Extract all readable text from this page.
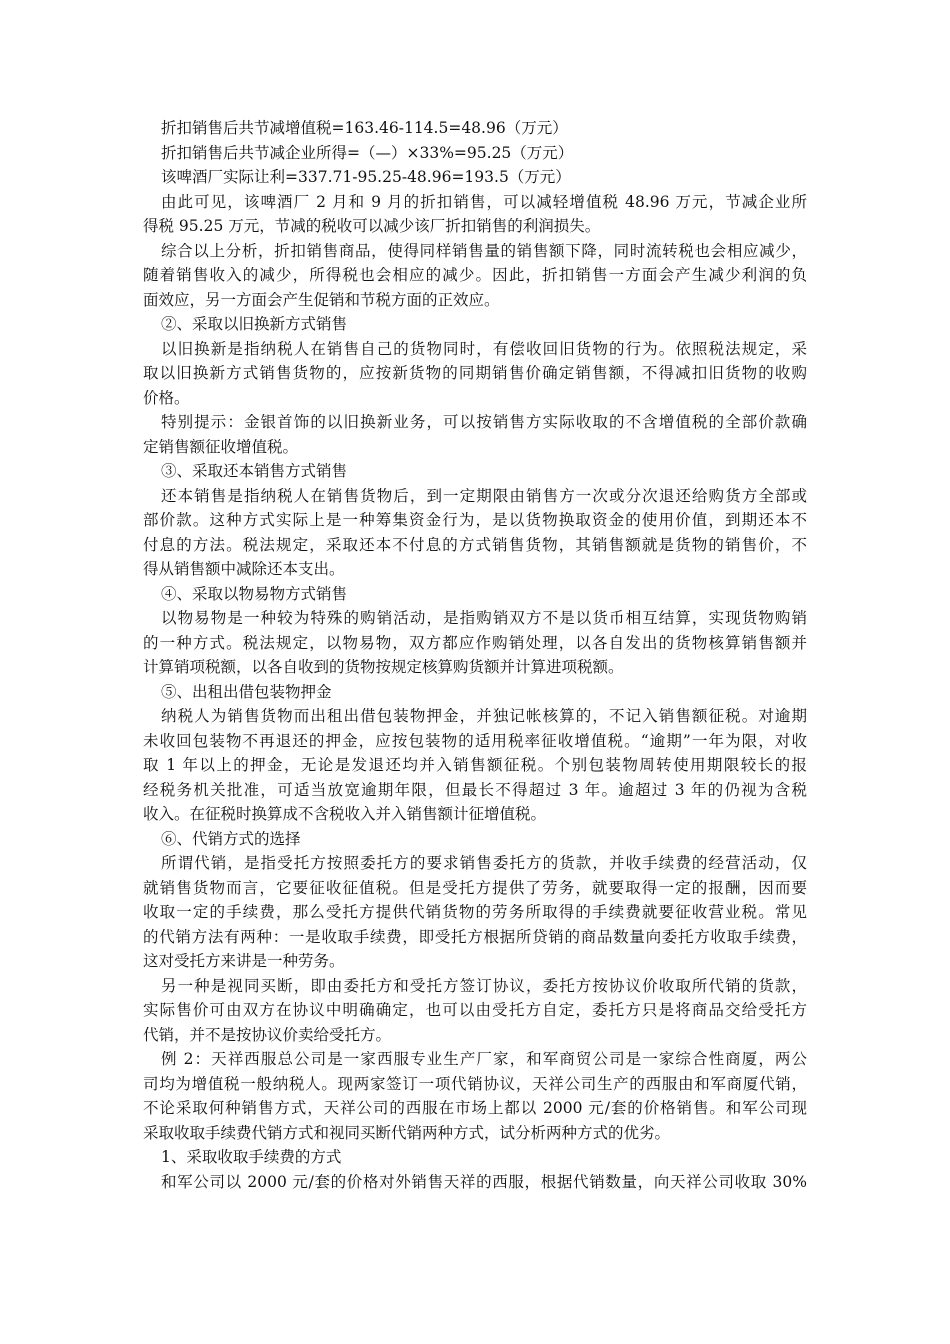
折扣销售后共节减增值税=163.46-114.5=48.96（万元）
折扣销售后共节减企业所得=（—）×33%=95.25（万元）
该啤酒厂实际让利=337.71-95.25-48.96=193.5（万元）
由此可见，该啤酒厂 2 月和 9 月的折扣销售，可以减轻增值税 48.96 万元，节减企业所
得税 95.25 万元，节减的税收可以减少该厂折扣销售的利润损失。
综合以上分析，折扣销售商品，使得同样销售量的销售额下降，同时流转税也会相应减少，
随着销售收入的减少，所得税也会相应的减少。因此，折扣销售一方面会产生减少利润的负
面效应，另一方面会产生促销和节税方面的正效应。
②、采取以旧换新方式销售
以旧换新是指纳税人在销售自己的货物同时，有偿收回旧货物的行为。依照税法规定，采
取以旧换新方式销售货物的，应按新货物的同期销售价确定销售额，不得减扣旧货物的收购
价格。
特别提示：金银首饰的以旧换新业务，可以按销售方实际收取的不含增值税的全部价款确
定销售额征收增值税。
③、采取还本销售方式销售
还本销售是指纳税人在销售货物后，到一定期限由销售方一次或分次退还给购货方全部或
部价款。这种方式实际上是一种筹集资金行为，是以货物换取资金的使用价值，到期还本不
付息的方法。税法规定，采取还本不付息的方式销售货物，其销售额就是货物的销售价，不
得从销售额中减除还本支出。
④、采取以物易物方式销售
以物易物是一种较为特殊的购销活动，是指购销双方不是以货币相互结算，实现货物购销
的一种方式。税法规定，以物易物，双方都应作购销处理，以各自发出的货物核算销售额并
计算销项税额，以各自收到的货物按规定核算购货额并计算进项税额。
⑤、出租出借包装物押金
纳税人为销售货物而出租出借包装物押金，并独记帐核算的，不记入销售额征税。对逾期
未收回包装物不再退还的押金，应按包装物的适用税率征收增值税。“逾期”一年为限，对收
取 1 年以上的押金，无论是发退还均并入销售额征税。个别包装物周转使用期限较长的报
经税务机关批准，可适当放宽逾期年限，但最长不得超过 3 年。逾超过 3 年的仍视为含税
收入。在征税时换算成不含税收入并入销售额计征增值税。
⑥、代销方式的选择
所谓代销，是指受托方按照委托方的要求销售委托方的货款，并收手续费的经营活动，仅
就销售货物而言，它要征收征值税。但是受托方提供了劳务，就要取得一定的报酬，因而要
收取一定的手续费，那么受托方提供代销货物的劳务所取得的手续费就要征收营业税。常见
的代销方法有两种：一是收取手续费，即受托方根据所贷销的商品数量向委托方收取手续费，
这对受托方来讲是一种劳务。
另一种是视同买断，即由委托方和受托方签订协议，委托方按协议价收取所代销的货款，
实际售价可由双方在协议中明确确定，也可以由受托方自定，委托方只是将商品交给受托方
代销，并不是按协议价卖给受托方。
例 2：天祥西服总公司是一家西服专业生产厂家，和军商贸公司是一家综合性商厦，两公
司均为增值税一般纳税人。现两家签订一项代销协议，天祥公司生产的西服由和军商厦代销，
不论采取何种销售方式，天祥公司的西服在市场上都以 2000 元/套的价格销售。和军公司现
采取收取手续费代销方式和视同买断代销两种方式，试分析两种方式的优劣。
1、采取收取手续费的方式
和军公司以 2000 元/套的价格对外销售天祥的西服，根据代销数量，向天祥公司收取 30%
